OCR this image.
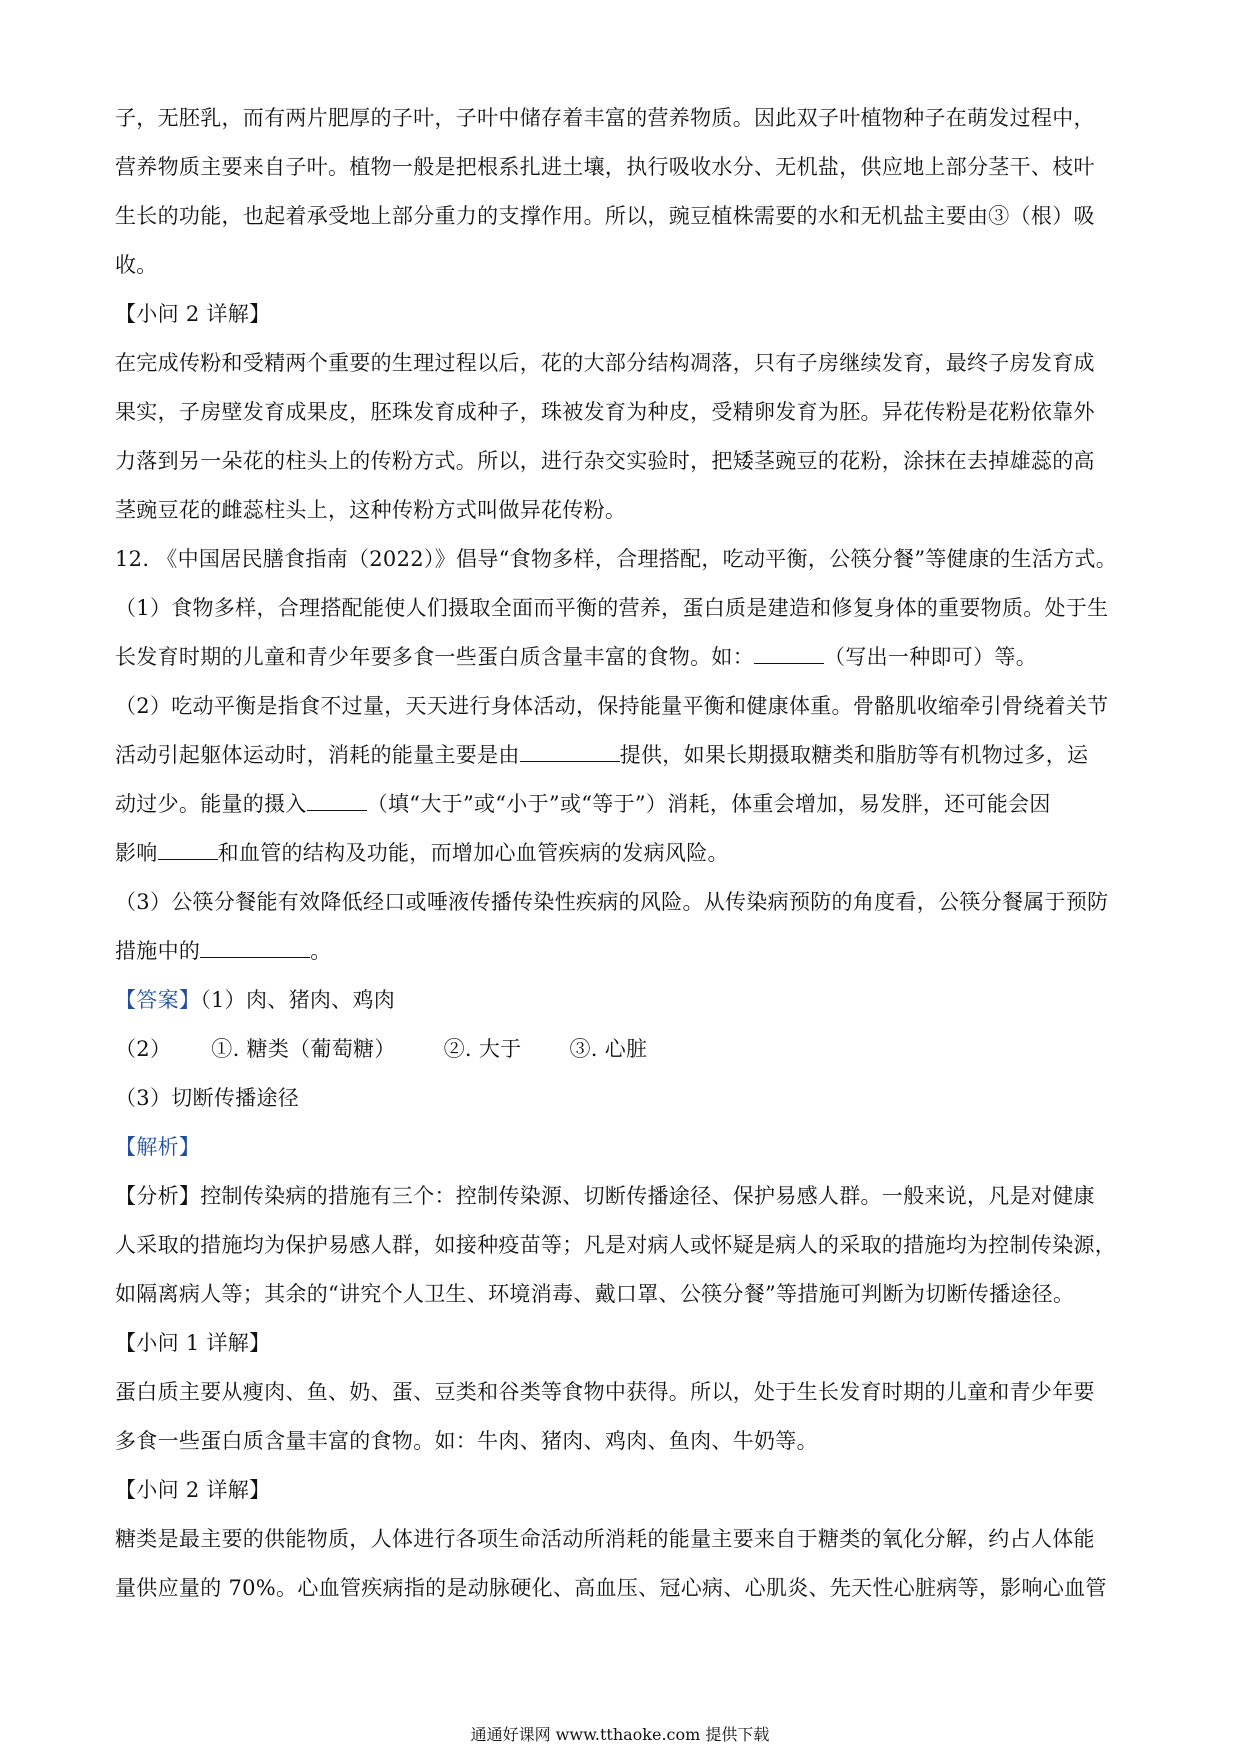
子，无胚乳，而有两片肥厚的子叶，子叶中储存着丰富的营养物质。因此双子叶植物种子在萌发过程中，

营养物质主要来自子叶。植物一般是把根系扎进土壤，执行吸收水分、无机盐，供应地上部分茎干、枝叶

生长的功能，也起着承受地上部分重力的支撑作用。所以，豌豆植株需要的水和无机盐主要由③（根）吸

收。

【小问 2 详解】

在完成传粉和受精两个重要的生理过程以后，花的大部分结构凋落，只有子房继续发育，最终子房发育成

果实，子房壁发育成果皮，胚珠发育成种子，珠被发育为种皮，受精卵发育为胚。异花传粉是花粉依靠外

力落到另一朵花的柱头上的传粉方式。所以，进行杂交实验时，把矮茎豌豆的花粉，涂抹在去掉雄蕊的高

茎豌豆花的雌蕊柱头上，这种传粉方式叫做异花传粉。

12. 《中国居民膳食指南（2022）》倡导“食物多样，合理搭配，吃动平衡，公筷分餐”等健康的生活方式。

（1）食物多样，合理搭配能使人们摄取全面而平衡的营养，蛋白质是建造和修复身体的重要物质。处于生

长发育时期的儿童和青少年要多食一些蛋白质含量丰富的食物。如：	（写出一种即可）等。

（2）吃动平衡是指食不过量，天天进行身体活动，保持能量平衡和健康体重。骨骼肌收缩牵引骨绕着关节

活动引起躯体运动时，消耗的能量主要是由	提供，如果长期摄取糖类和脂肪等有机物过多，运

动过少。能量的摄入	（填“大于”或“小于”或“等于”）消耗，体重会增加，易发胖，还可能会因

影响	和血管的结构及功能，而增加心血管疾病的发病风险。

（3）公筷分餐能有效降低经口或唾液传播传染性疾病的风险。从传染病预防的角度看，公筷分餐属于预防

措施中的	。

【答案】（1）肉、猪肉、鸡肉

（2） ①. 糖类（葡萄糖） ②. 大于 ③. 心脏

（3）切断传播途径

【解析】

【分析】控制传染病的措施有三个：控制传染源、切断传播途径、保护易感人群。一般来说，凡是对健康

人采取的措施均为保护易感人群，如接种疫苗等；凡是对病人或怀疑是病人的采取的措施均为控制传染源，

如隔离病人等；其余的“讲究个人卫生、环境消毒、戴口罩、公筷分餐”等措施可判断为切断传播途径。

【小问 1 详解】

蛋白质主要从瘦肉、鱼、奶、蛋、豆类和谷类等食物中获得。所以，处于生长发育时期的儿童和青少年要

多食一些蛋白质含量丰富的食物。如：牛肉、猪肉、鸡肉、鱼肉、牛奶等。

【小问 2 详解】

糖类是最主要的供能物质，人体进行各项生命活动所消耗的能量主要来自于糖类的氧化分解，约占人体能

量供应量的 70%。心血管疾病指的是动脉硬化、高血压、冠心病、心肌炎、先天性心脏病等，影响心血管

通通好课网 www.tthaoke.com 提供下载
